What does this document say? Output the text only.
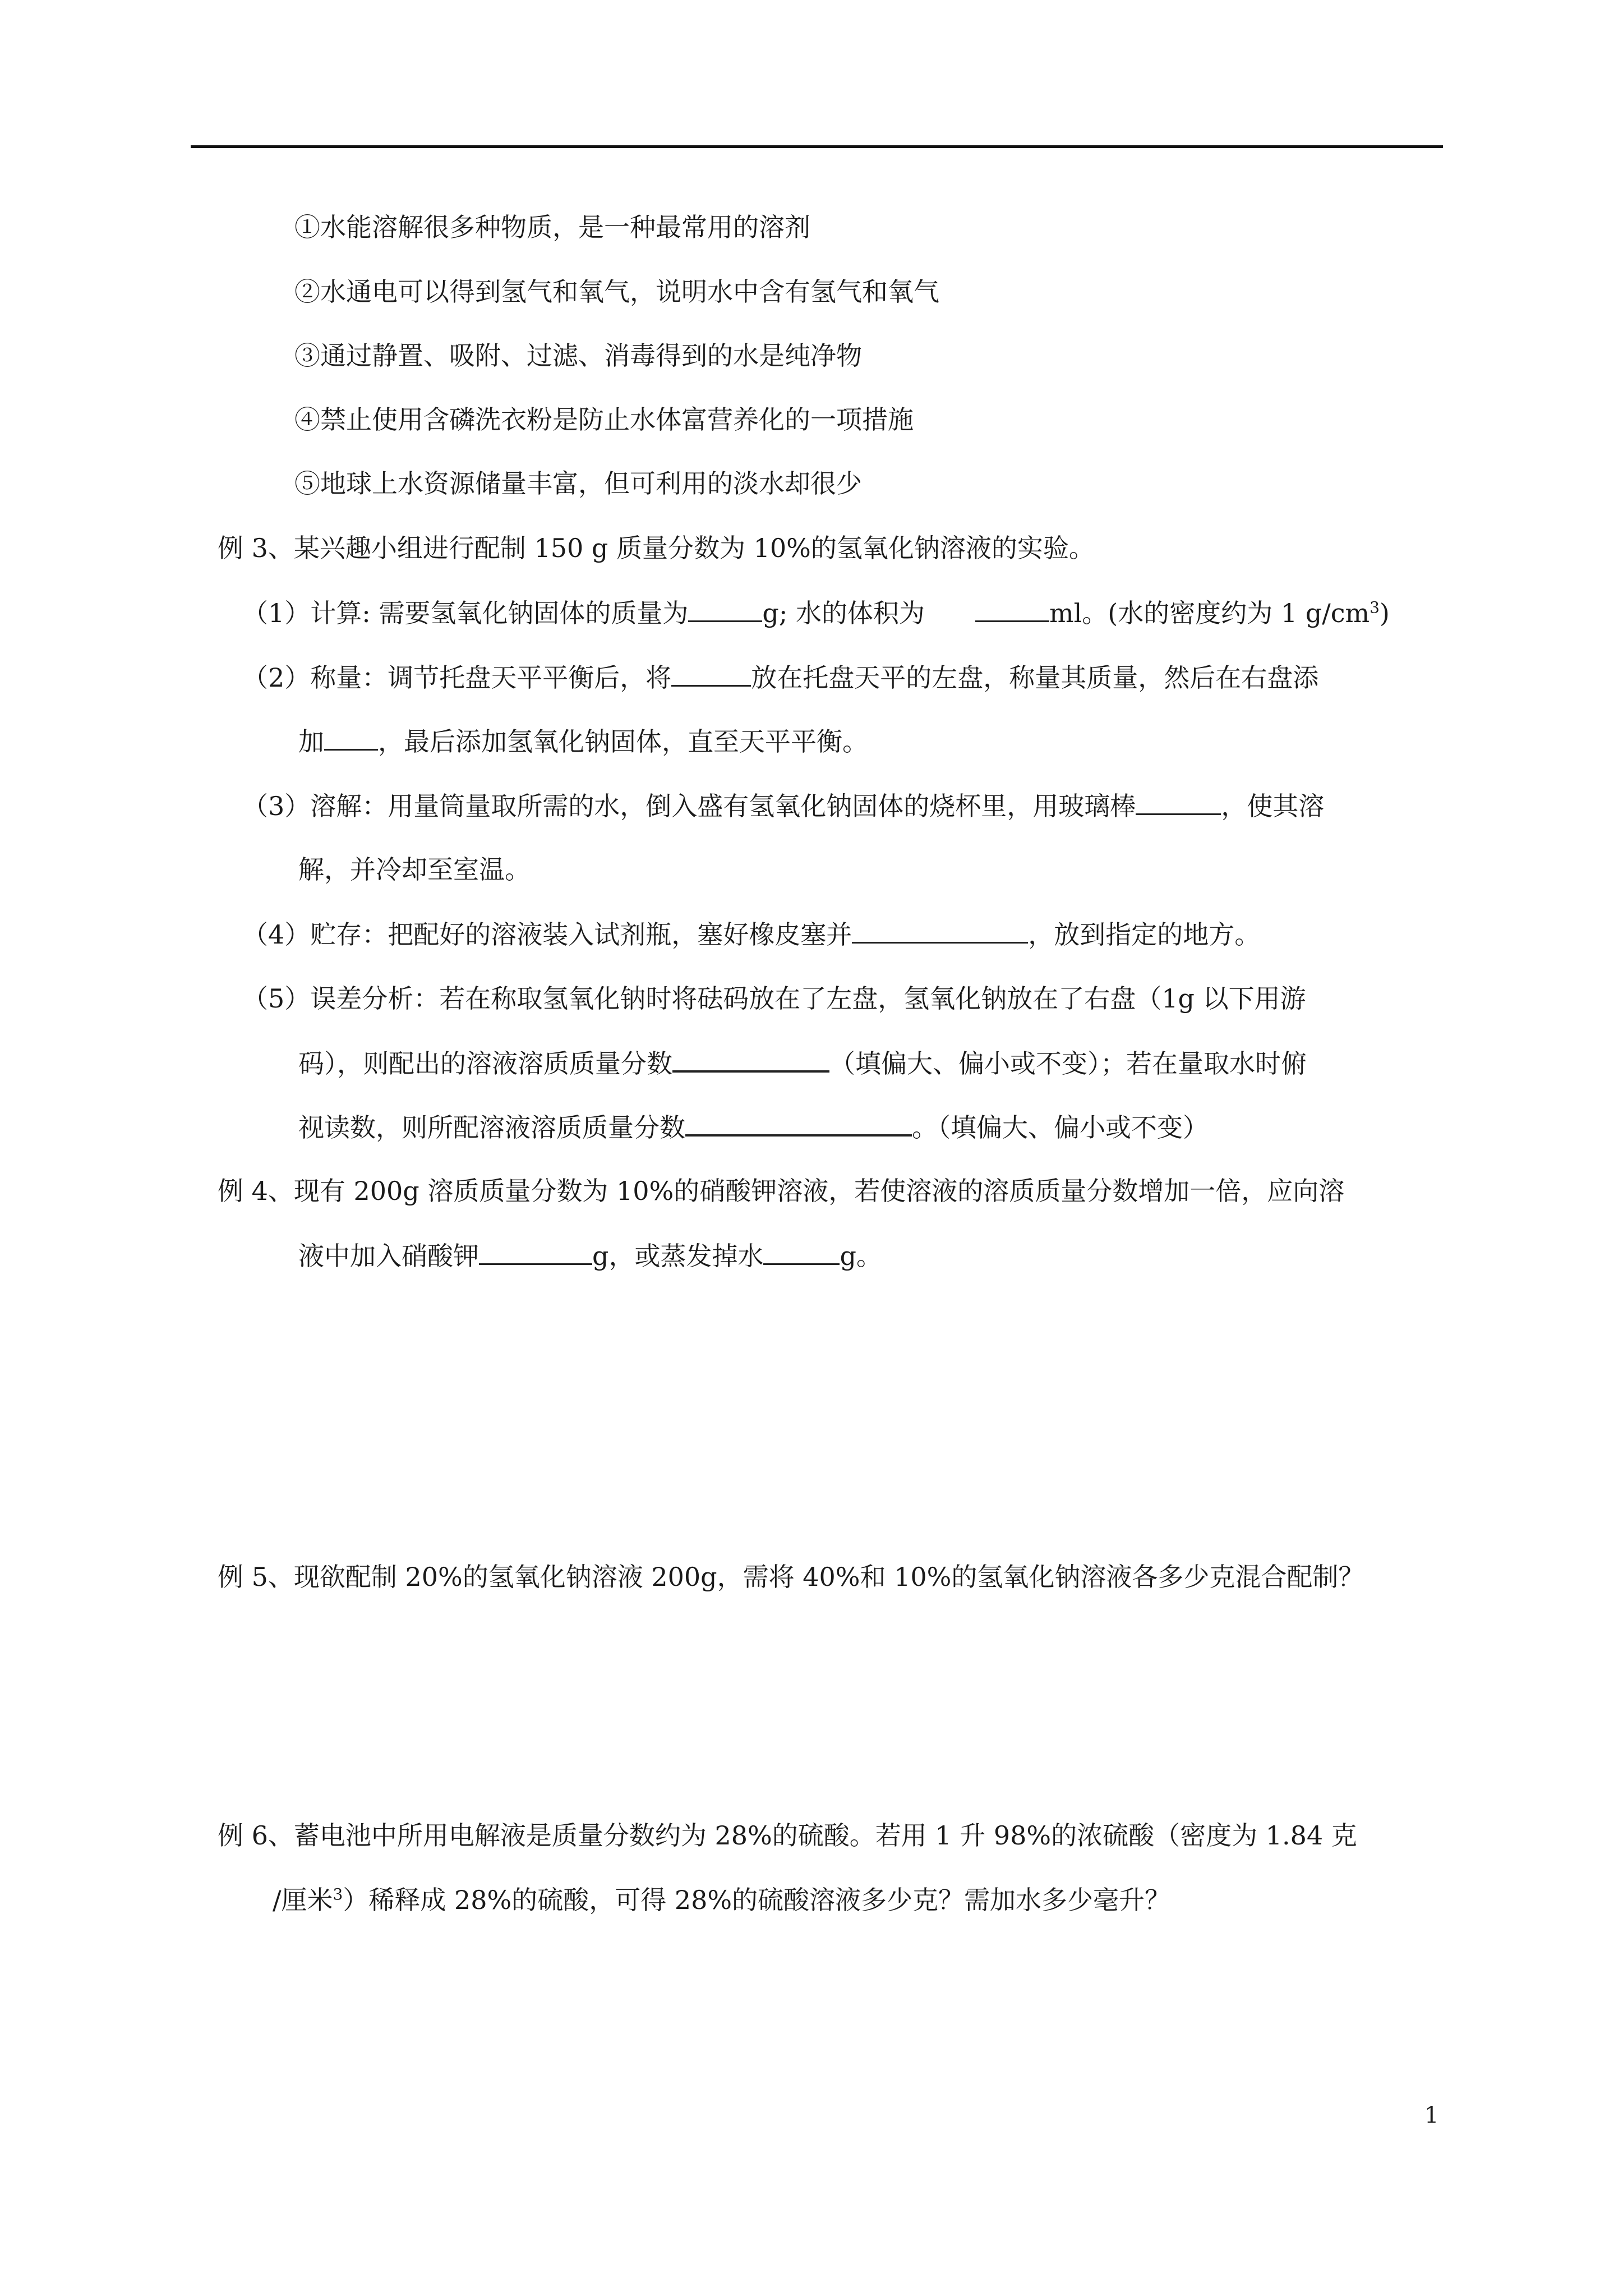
①水能溶解很多种物质，是一种最常用的溶剂
②水通电可以得到氢气和氧气，说明水中含有氢气和氧气
③通过静置、吸附、过滤、消毒得到的水是纯净物
④禁止使用含磷洗衣粉是防止水体富营养化的一项措施
⑤地球上水资源储量丰富，但可利用的淡水却很少
例 3、某兴趣小组进行配制 150 g 质量分数为 10%的氢氧化钠溶液的实验。
（1）计算: 需要氢氧化钠固体的质量为	g; 水的体积为	ml。(水的密度约为 1 $g/cm^3$)
（2）称量：调节托盘天平平衡后，将	放在托盘天平的左盘，称量其质量，然后在右盘添
加 ，最后添加氢氧化钠固体，直至天平平衡。
（3）溶解：用量筒量取所需的水，倒入盛有氢氧化钠固体的烧杯里，用玻璃棒	，使其溶
解，并冷却至室温。
（4）贮存：把配好的溶液装入试剂瓶，塞好橡皮塞并	，放到指定的地方。
（5）误差分析：若在称取氢氧化钠时将砝码放在了左盘，氢氧化钠放在了右盘（1g 以下用游
码），则配出的溶液溶质质量分数	（填偏大、偏小或不变）；若在量取水时俯
视读数，则所配溶液溶质质量分数	。（填偏大、偏小或不变）
例 4、现有 200g 溶质质量分数为 10%的硝酸钾溶液，若使溶液的溶质质量分数增加一倍，应向溶
液中加入硝酸钾	g，或蒸发掉水	g。
例 5、现欲配制 20%的氢氧化钠溶液 200g，需将 40%和 10%的氢氧化钠溶液各多少克混合配制？
例 6、蓄电池中所用电解液是质量分数约为 28%的硫酸。若用 1 升 98%的浓硫酸（密度为 1.84 克
/厘米$^3$）稀释成 28%的硫酸，可得 28%的硫酸溶液多少克？需加水多少毫升？
1
